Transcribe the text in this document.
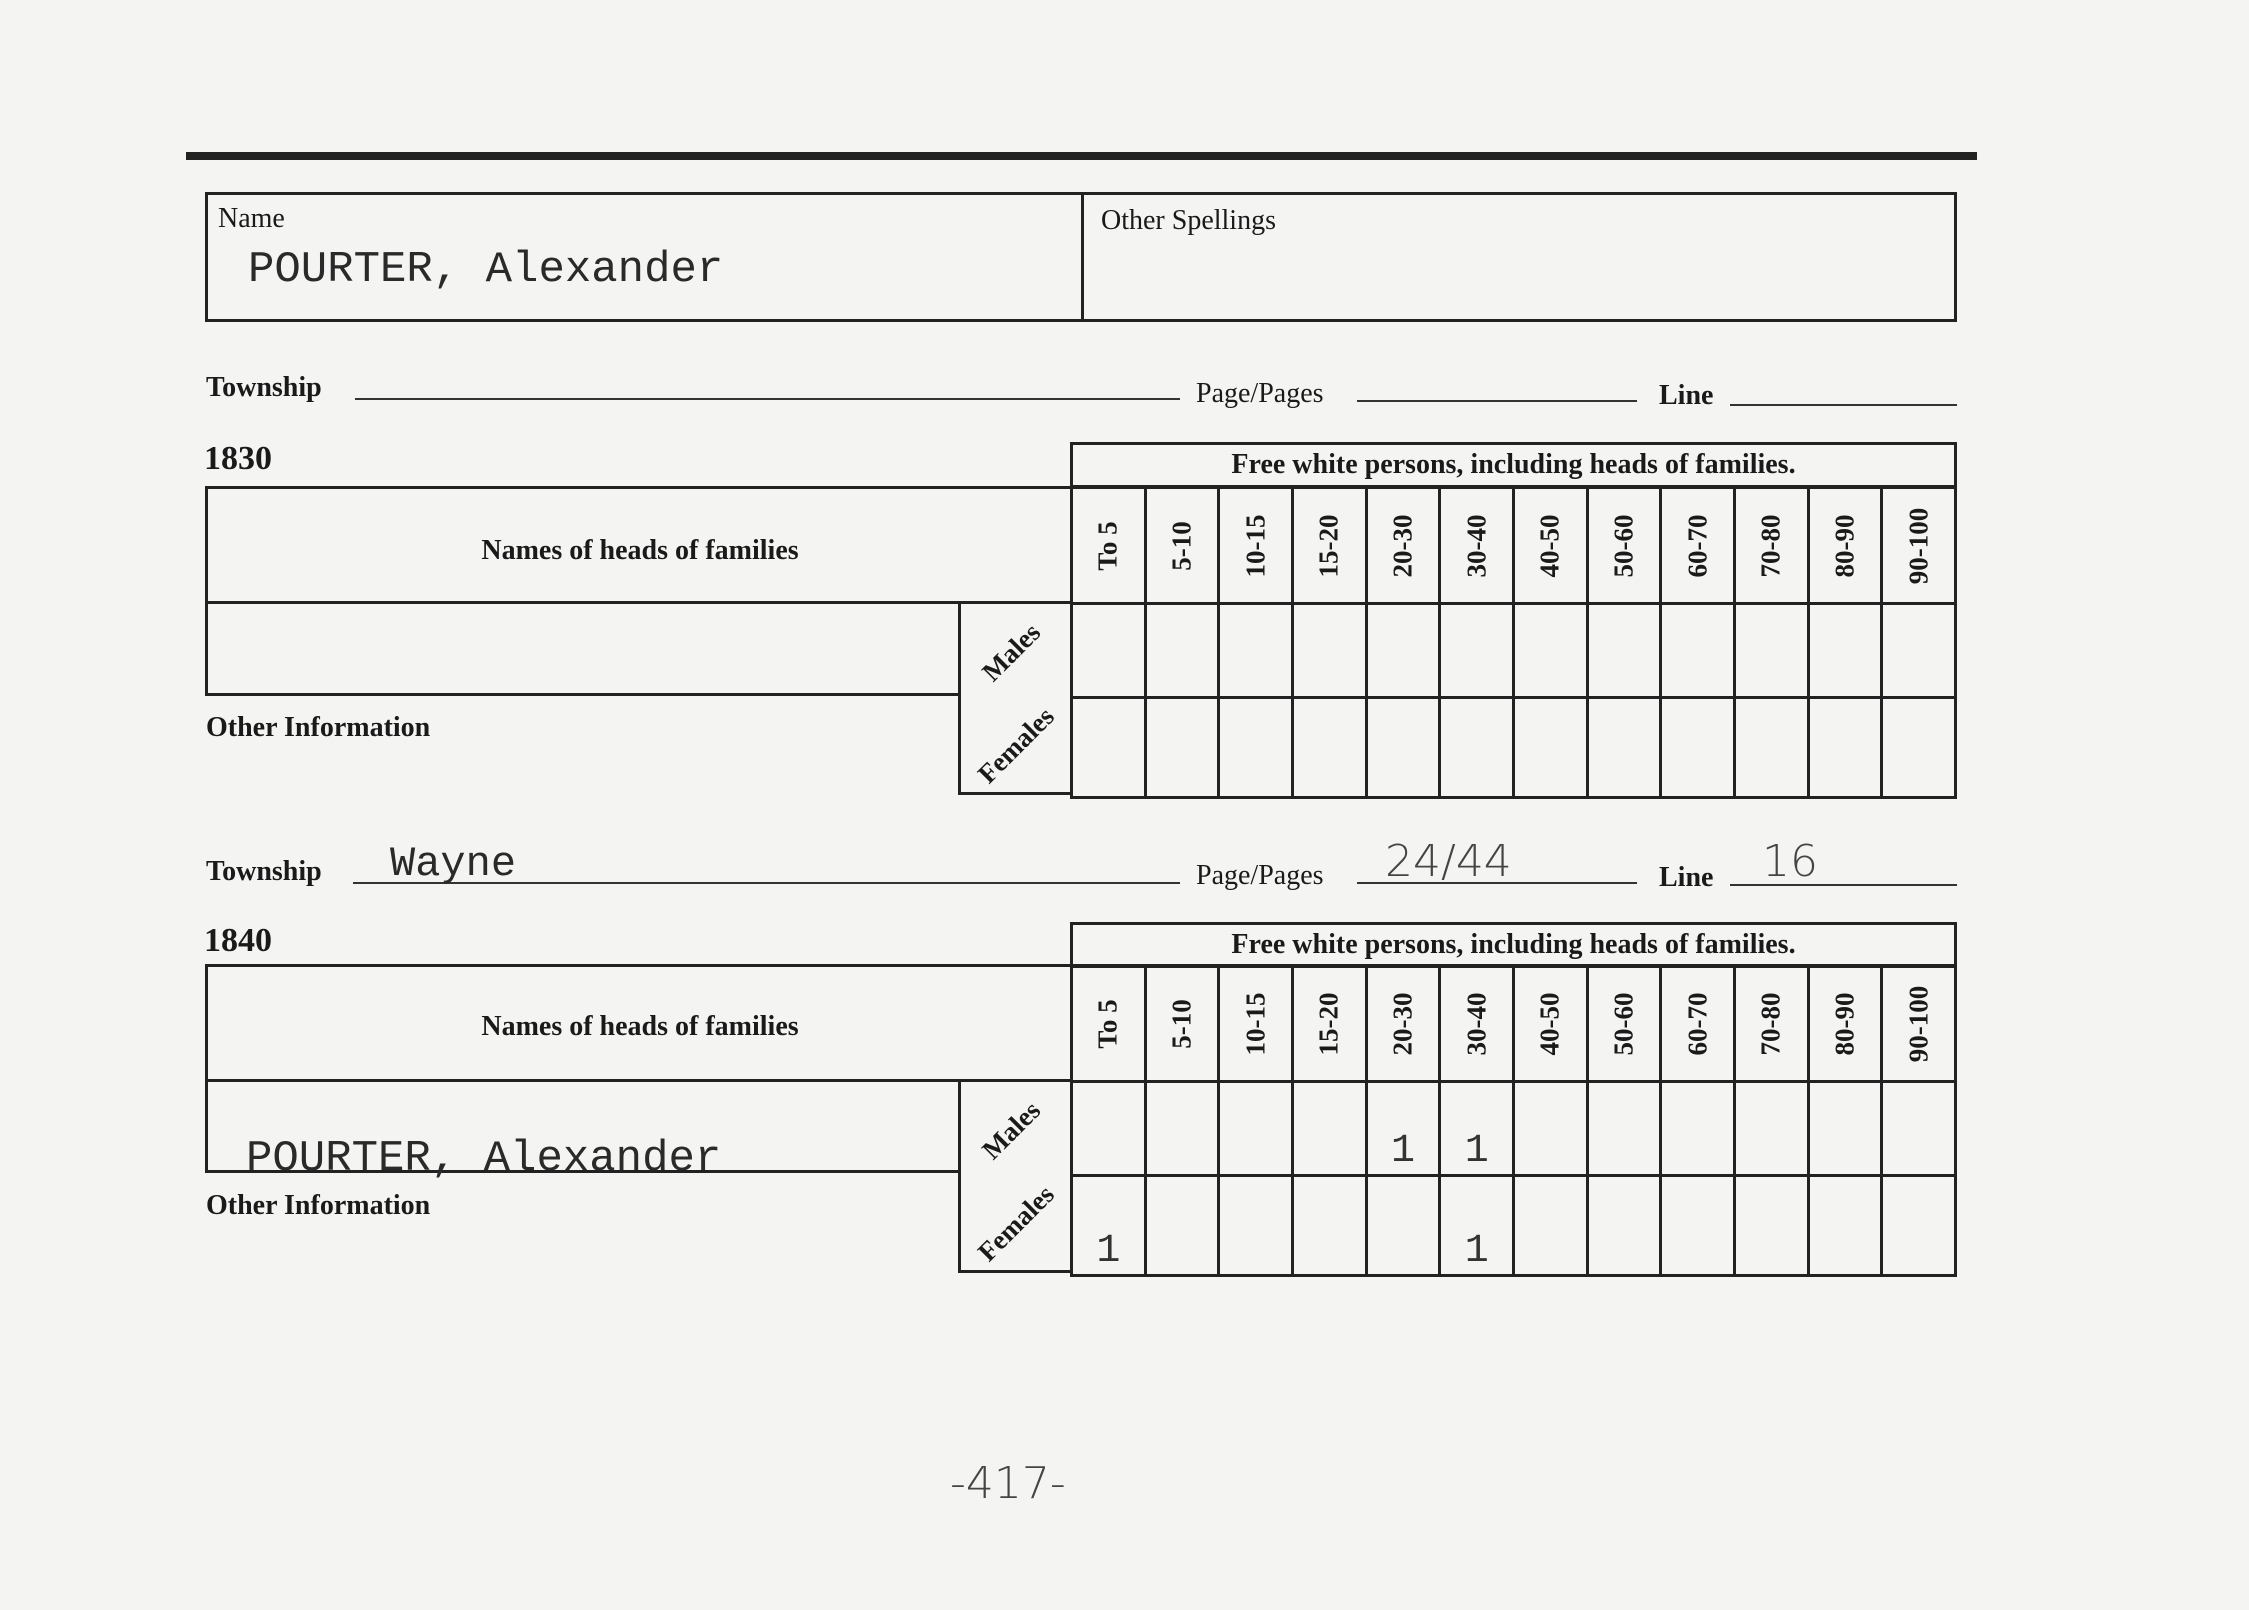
Name
POURTER, Alexander
Other Spellings
Township	Page/Pages	Line
1830	Free white persons, including heads of families.
Names of heads of families
Other Information
Males
Females
To 5	5-10	10-15	15-20	20-30	30-40	40-50	50-60	60-70	70-80	80-90	90-100

Township Wayne	Page/Pages 24/44	Line 16
1840	Free white persons, including heads of families.
Names of heads of families
POURTER, Alexander
Other Information
Males
Females
To 5	5-10	10-15	15-20	20-30	30-40	40-50	50-60	60-70	70-80	80-90	90-100

				1	1						
1					1						
-417-
